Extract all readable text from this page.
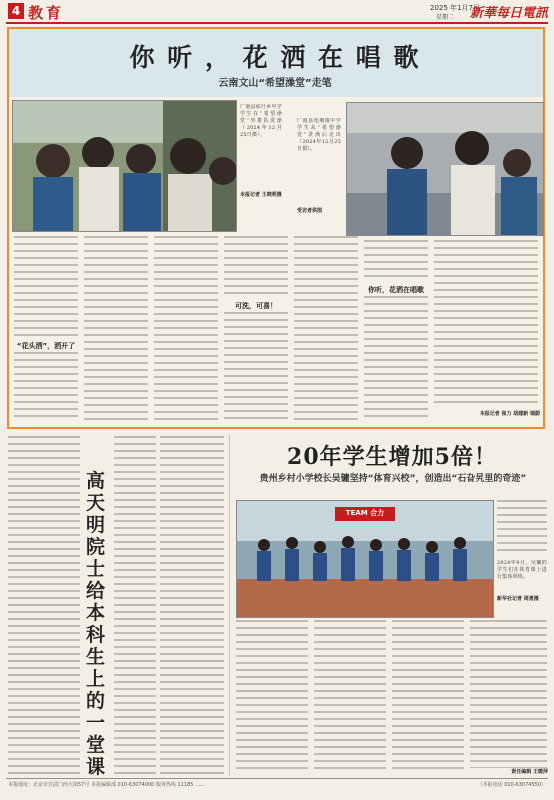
4 教育	2025 年1月7日
星期二 新華每日電訊
你 听 ， 花 洒 在 唱 歌
云南文山“希望澡堂”走笔
广南县底圩乡中学学生在“希望澡堂”外排队洗澡（2024年12月25日摄）。
本报记者 王晓莉摄
广南县莲城镇中学学生从“希望澡堂”洗澡后走出（2024年12月25日摄）。
受访者供图
“花头洒”，洒开了
可洗，可喜！
你听，花洒在唱歌
本报记者 崔力 胡建新 瑞蔚
高天明院士给本科生上的一堂课
20年学生增加5倍！
贵州乡村小学校长吴镛坚持“体育兴校”，创造出“石旮旯里的奇迹”
TEAM 合力
2024年9月，吴镛的学生们在体育课上进行集体训练。
新华社记者 周勇摄
责任编辑 王暖萍
本报地址：北京市宣武门西大街57号 本报编辑部 010-63074000 服务热线 11185 ……	（本报电话 010-63074550）
